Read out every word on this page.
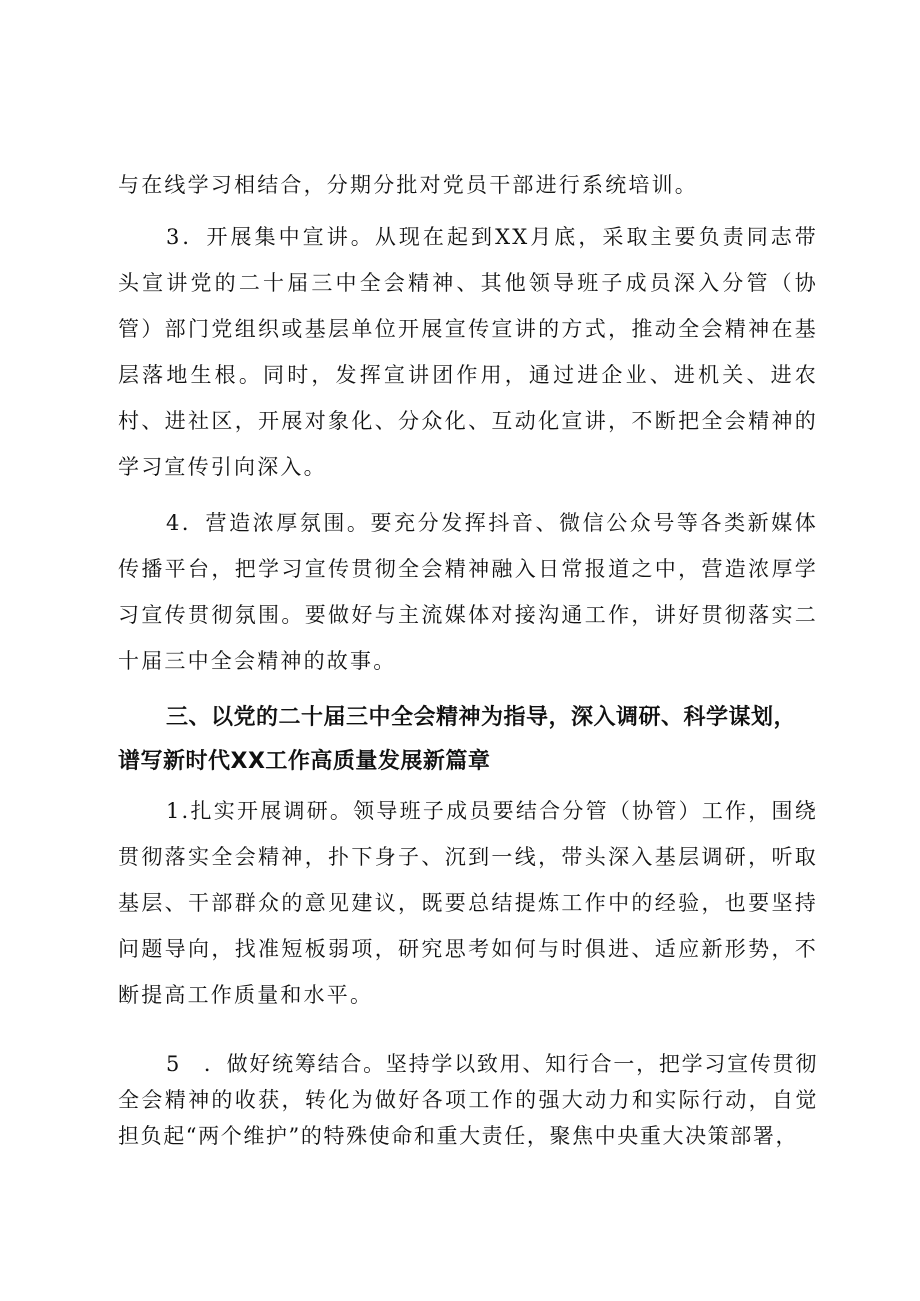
与在线学习相结合，分期分批对党员干部进行系统培训。

3．开展集中宣讲。从现在起到XX月底，采取主要负责同志带头宣讲党的二十届三中全会精神、其他领导班子成员深入分管（协管）部门党组织或基层单位开展宣传宣讲的方式，推动全会精神在基层落地生根。同时，发挥宣讲团作用，通过进企业、进机关、进农村、进社区，开展对象化、分众化、互动化宣讲，不断把全会精神的学习宣传引向深入。

4．营造浓厚氛围。要充分发挥抖音、微信公众号等各类新媒体传播平台，把学习宣传贯彻全会精神融入日常报道之中，营造浓厚学习宣传贯彻氛围。要做好与主流媒体对接沟通工作，讲好贯彻落实二十届三中全会精神的故事。

三、以党的二十届三中全会精神为指导，深入调研、科学谋划，
谱写新时代XX工作高质量发展新篇章

1.扎实开展调研。领导班子成员要结合分管（协管）工作，围绕贯彻落实全会精神，扑下身子、沉到一线，带头深入基层调研，听取基层、干部群众的意见建议，既要总结提炼工作中的经验，也要坚持问题导向，找准短板弱项，研究思考如何与时俱进、适应新形势，不断提高工作质量和水平。

5　．做好统筹结合。坚持学以致用、知行合一，把学习宣传贯彻全会精神的收获，转化为做好各项工作的强大动力和实际行动，自觉担负起“两个维护”的特殊使命和重大责任，聚焦中央重大决策部署，
